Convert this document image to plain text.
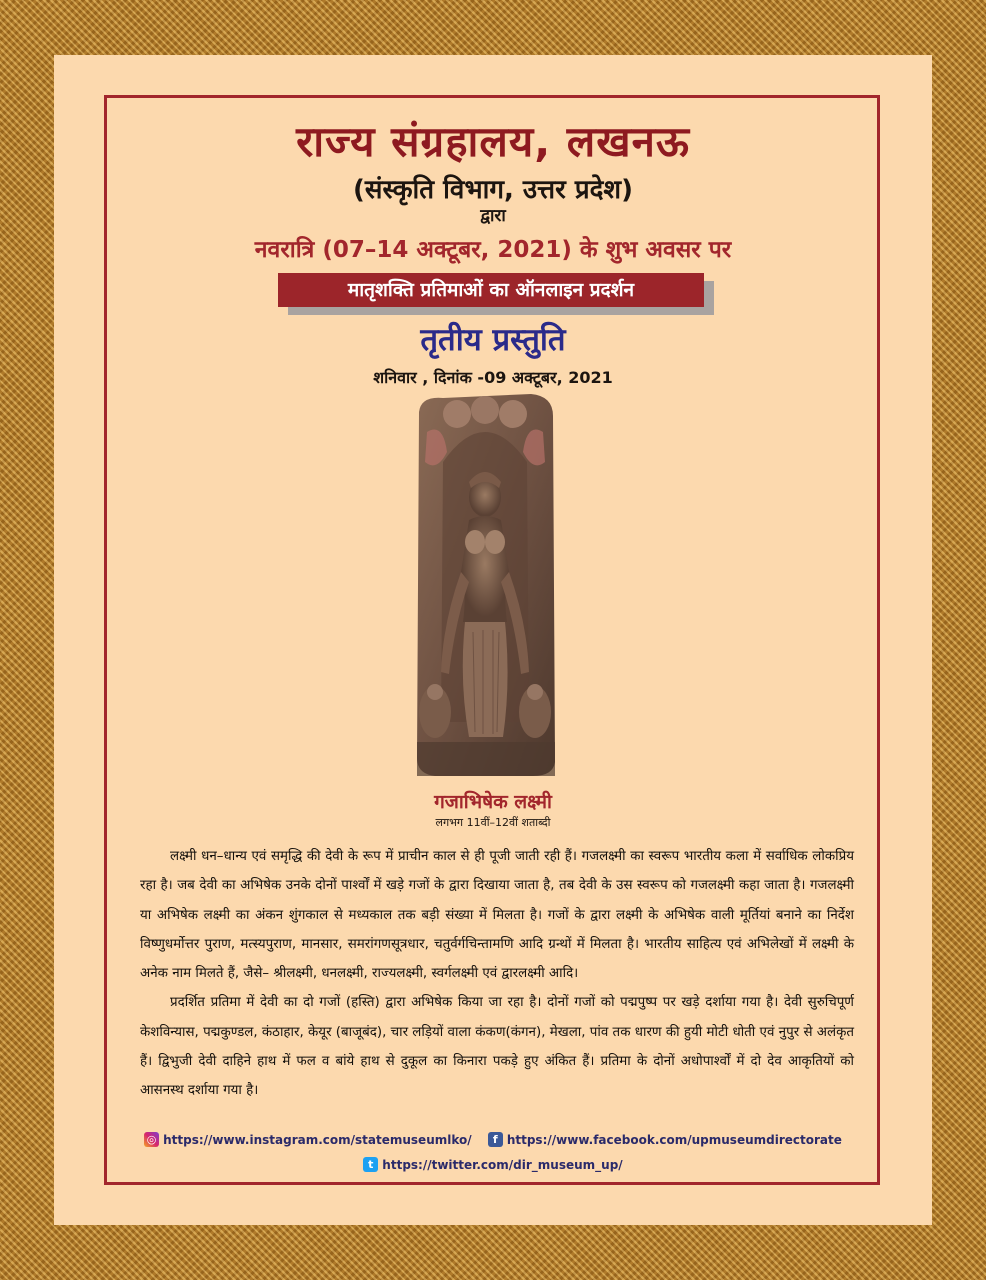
राज्य संग्रहालय, लखनऊ
(संस्कृति विभाग, उत्तर प्रदेश)
द्वारा
नवरात्रि (07–14 अक्टूबर, 2021) के शुभ अवसर पर
मातृशक्ति प्रतिमाओं का ऑनलाइन प्रदर्शन
तृतीय प्रस्तुति
शनिवार , दिनांक -09 अक्टूबर, 2021
गजाभिषेक लक्ष्मी
लगभग 11वीं–12वीं शताब्दी

लक्ष्मी धन–धान्य एवं समृद्धि की देवी के रूप में प्राचीन काल से ही पूजी जाती रही हैं। गजलक्ष्मी का स्वरूप भारतीय कला में सर्वाधिक लोकप्रिय रहा है। जब देवी का अभिषेक उनके दोनों पार्श्वों में खड़े गजों के द्वारा दिखाया जाता है, तब देवी के उस स्वरूप को गजलक्ष्मी कहा जाता है। गजलक्ष्मी या अभिषेक लक्ष्मी का अंकन शुंगकाल से मध्यकाल तक बड़ी संख्या में मिलता है। गजों के द्वारा लक्ष्मी के अभिषेक वाली मूर्तियां बनाने का निर्देश विष्णुधर्मोत्तर पुराण, मत्स्यपुराण, मानसार, समरांगणसूत्रधार, चतुर्वर्गचिन्तामणि आदि ग्रन्थों में मिलता है। भारतीय साहित्य एवं अभिलेखों में लक्ष्मी के अनेक नाम मिलते हैं, जैसे– श्रीलक्ष्मी, धनलक्ष्मी, राज्यलक्ष्मी, स्वर्गलक्ष्मी एवं द्वारलक्ष्मी आदि।

प्रदर्शित प्रतिमा में देवी का दो गजों (हस्ति) द्वारा अभिषेक किया जा रहा है। दोनों गजों को पद्मपुष्प पर खड़े दर्शाया गया है। देवी सुरुचिपूर्ण केशविन्यास, पद्मकुण्डल, कंठाहार, केयूर (बाजूबंद), चार लड़ियों वाला कंकण(कंगन), मेखला, पांव तक धारण की हुयी मोटी धोती एवं नुपुर से अलंकृत हैं। द्विभुजी देवी दाहिने हाथ में फल व बांये हाथ से दुकूल का किनारा पकड़े हुए अंकित हैं। प्रतिमा के दोनों अधोपार्श्वों में दो देव आकृतियों को आसनस्थ दर्शाया गया है।

◎ https://www.instagram.com/statemuseumlko/
	f https://www.facebook.com/upmuseumdirectorate
t https://twitter.com/dir_museum_up/
